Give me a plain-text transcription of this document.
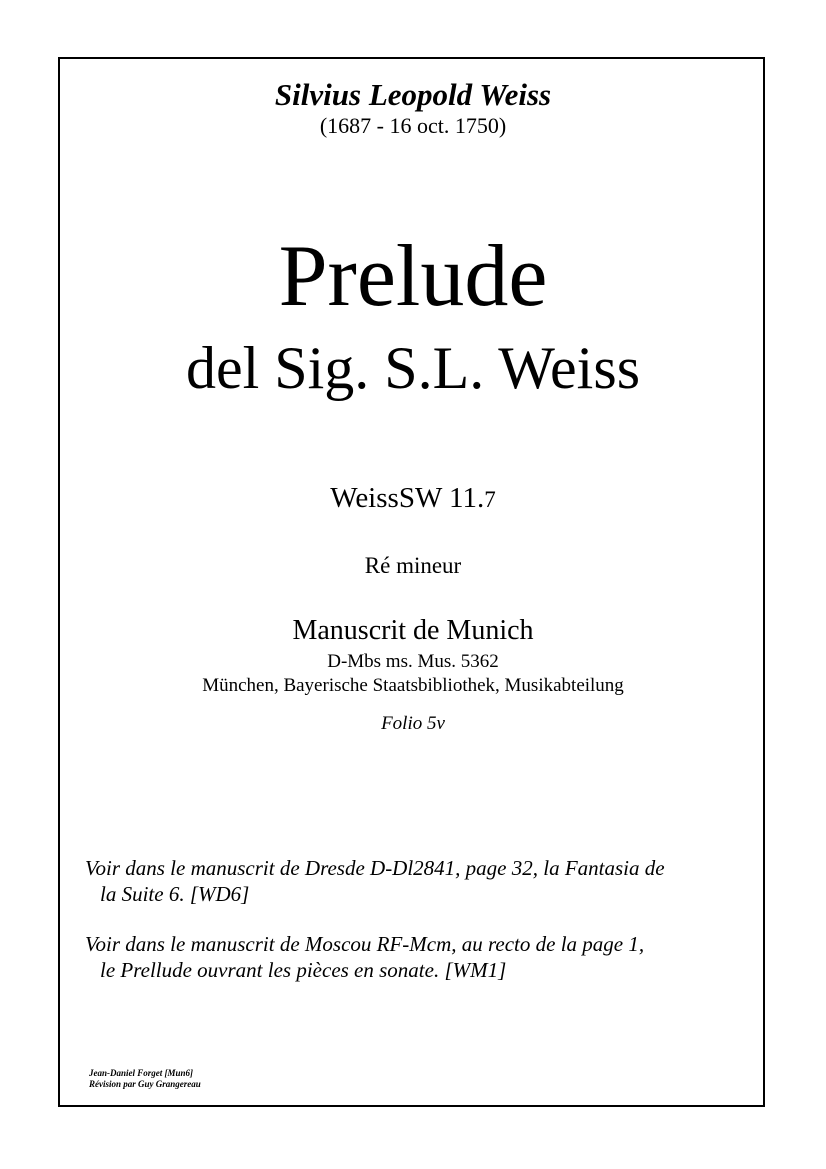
Silvius Leopold Weiss
(1687 - 16 oct. 1750)
Prelude
del Sig. S.L. Weiss
WeissSW 11.7
Ré mineur
Manuscrit de Munich
D-Mbs ms. Mus. 5362
München, Bayerische Staatsbibliothek, Musikabteilung
Folio 5v
Voir dans le manuscrit de Dresde D-Dl2841, page 32, la Fantasia de
la Suite 6. [WD6]
Voir dans le manuscrit de Moscou RF-Mcm, au recto de la page 1,
le Prellude ouvrant les pièces en sonate. [WM1]
Jean-Daniel Forget [Mun6]
Révision par Guy Grangereau
